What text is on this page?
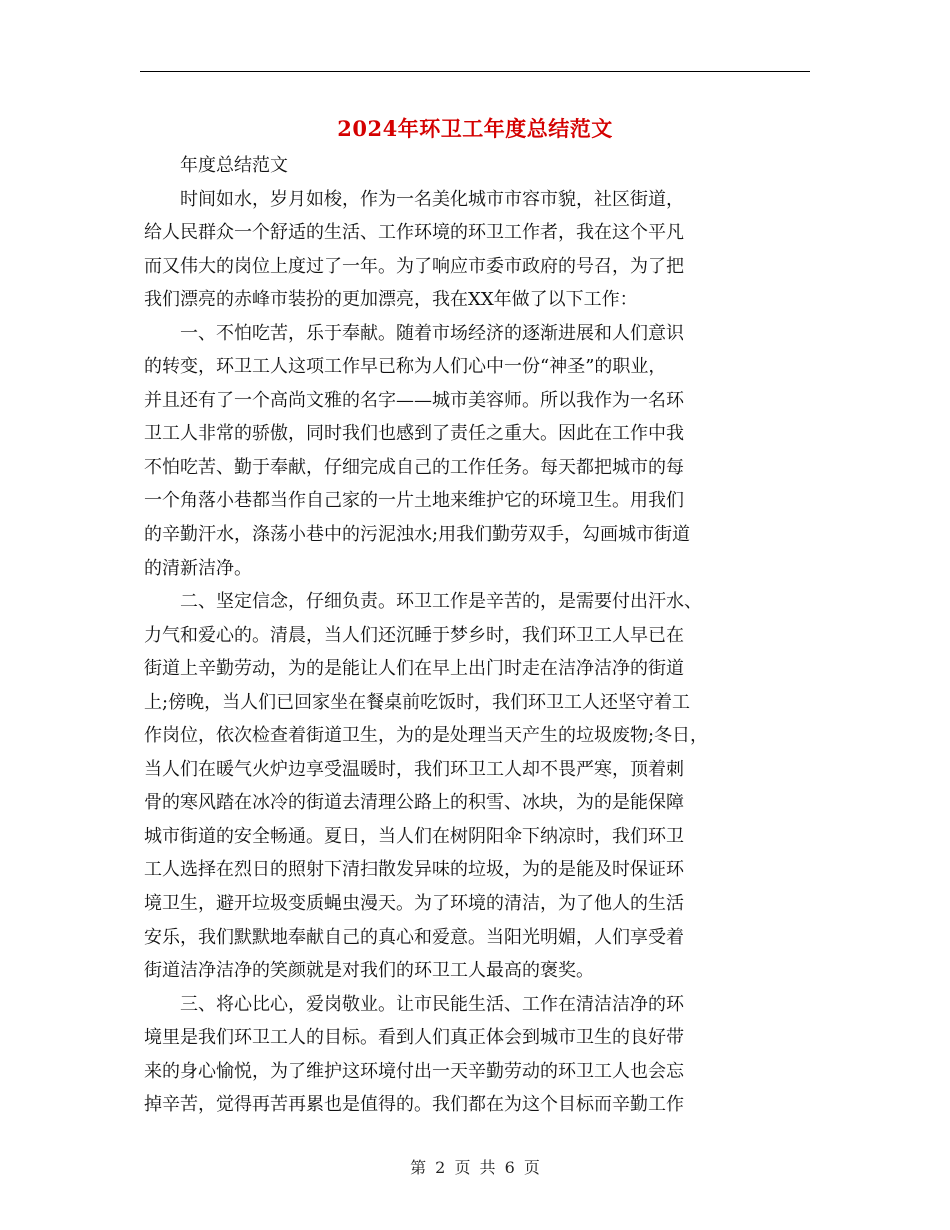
2024年环卫工年度总结范文
　　年度总结范文
　　时间如水，岁月如梭，作为一名美化城市市容市貌，社区街道，
给人民群众一个舒适的生活、工作环境的环卫工作者，我在这个平凡
而又伟大的岗位上度过了一年。为了响应市委市政府的号召，为了把
我们漂亮的赤峰市装扮的更加漂亮，我在XX年做了以下工作：
　　一、不怕吃苦，乐于奉献。随着市场经济的逐渐进展和人们意识
的转变，环卫工人这项工作早已称为人们心中一份“神圣”的职业，
并且还有了一个高尚文雅的名字——城市美容师。所以我作为一名环
卫工人非常的骄傲，同时我们也感到了责任之重大。因此在工作中我
不怕吃苦、勤于奉献，仔细完成自己的工作任务。每天都把城市的每
一个角落小巷都当作自己家的一片土地来维护它的环境卫生。用我们
的辛勤汗水，涤荡小巷中的污泥浊水;用我们勤劳双手，勾画城市街道
的清新洁净。
　　二、坚定信念，仔细负责。环卫工作是辛苦的，是需要付出汗水、
力气和爱心的。清晨，当人们还沉睡于梦乡时，我们环卫工人早已在
街道上辛勤劳动，为的是能让人们在早上出门时走在洁净洁净的街道
上;傍晚，当人们已回家坐在餐桌前吃饭时，我们环卫工人还坚守着工
作岗位，依次检查着街道卫生，为的是处理当天产生的垃圾废物;冬日，
当人们在暖气火炉边享受温暖时，我们环卫工人却不畏严寒，顶着刺
骨的寒风踏在冰冷的街道去清理公路上的积雪、冰块，为的是能保障
城市街道的安全畅通。夏日，当人们在树阴阳伞下纳凉时，我们环卫
工人选择在烈日的照射下清扫散发异味的垃圾，为的是能及时保证环
境卫生，避开垃圾变质蝇虫漫天。为了环境的清洁，为了他人的生活
安乐，我们默默地奉献自己的真心和爱意。当阳光明媚，人们享受着
街道洁净洁净的笑颜就是对我们的环卫工人最高的褒奖。
　　三、将心比心，爱岗敬业。让市民能生活、工作在清洁洁净的环
境里是我们环卫工人的目标。看到人们真正体会到城市卫生的良好带
来的身心愉悦，为了维护这环境付出一天辛勤劳动的环卫工人也会忘
掉辛苦，觉得再苦再累也是值得的。我们都在为这个目标而辛勤工作
第 2 页 共 6 页
